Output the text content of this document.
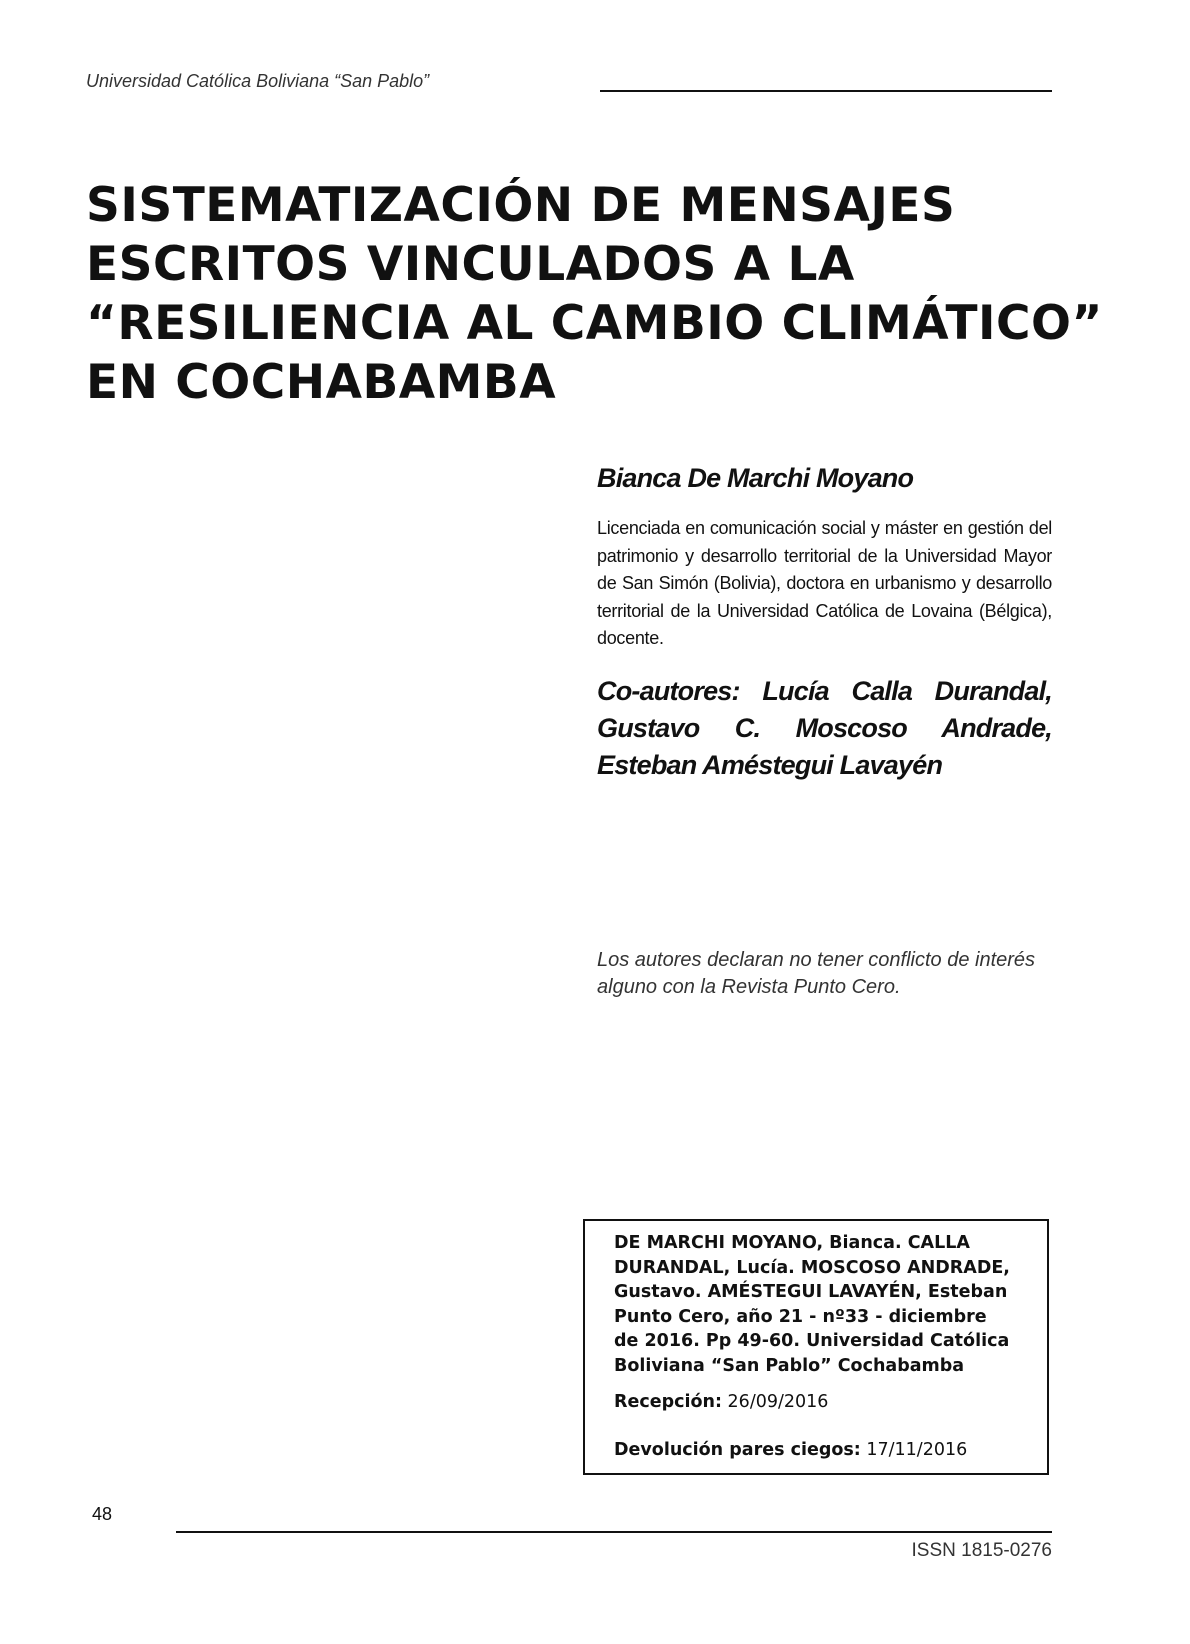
Universidad Católica Boliviana “San Pablo”
SISTEMATIZACIÓN DE MENSAJES
ESCRITOS VINCULADOS A LA
“RESILIENCIA AL CAMBIO CLIMÁTICO”
EN COCHABAMBA
Bianca De Marchi Moyano
Licenciada en comunicación social y máster en gestión del patrimonio y desarrollo territorial de la Universidad Mayor de San Simón (Bolivia), doctora en urbanismo y desarrollo territorial de la Universidad Católica de Lovaina (Bélgica), docente.
Co-autores: Lucía Calla Durandal, Gustavo C. Moscoso Andrade, Esteban Améstegui Lavayén
Los autores declaran no tener conflicto de interés alguno con la Revista Punto Cero.
DE MARCHI MOYANO, Bianca. CALLA
DURANDAL, Lucía. MOSCOSO ANDRADE,
Gustavo. AMÉSTEGUI LAVAYÉN, Esteban
Punto Cero, año 21 - nº33 - diciembre
de 2016. Pp 49-60. Universidad Católica
Boliviana “San Pablo” Cochabamba
Recepción: 26/09/2016
Devolución pares ciegos: 17/11/2016
48
ISSN 1815-0276
